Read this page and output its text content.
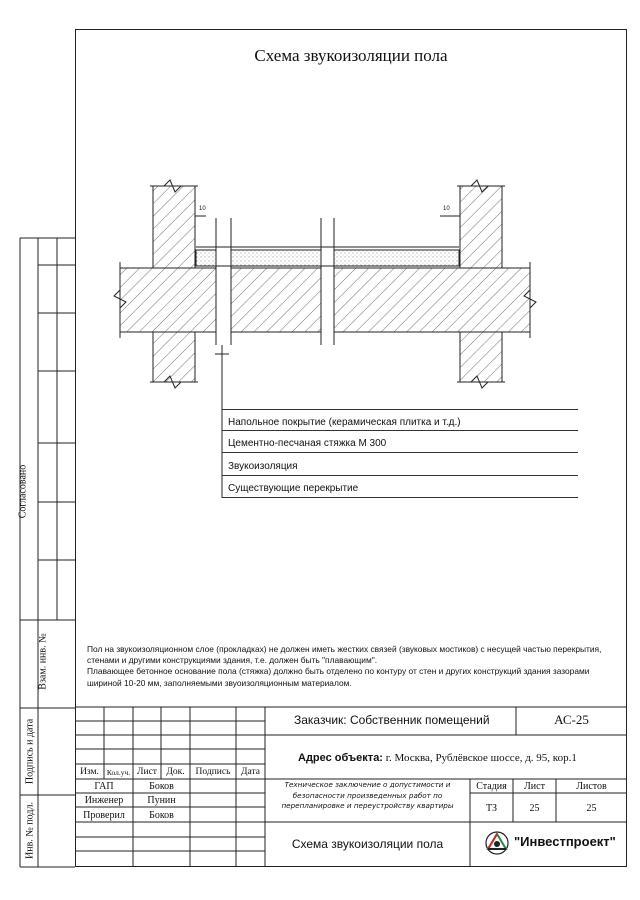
Согласовано
Взам. инв. №
Подпись и дата
Инв. № подл.
Схема звукоизоляции пола
10	10
Напольное покрытие (керамическая плитка и т.д.)
Цементно-песчаная стяжка М 300
Звукоизоляция
Существующие перекрытие
Пол на звукоизоляционном слое (прокладках) не должен иметь жестких связей (звуковых мостиков) с несущей частью перекрытия, стенами и другими конструкциями здания, т.е. должен быть "плавающим".
Плавающее бетонное основание пола (стяжка) должно быть отделено по контуру от стен и других конструкций здания зазорами шириной 10-20 мм, заполняемыми звуоизоляционным материалом.
Заказчик: Собственник помещений	АС-25
Адрес объекта: г. Москва, Рублёвское шоссе, д. 95, кор.1
Изм.	Кол.уч. Лист Док.	Подпись	Дата
ГАП	Боков
Инженер	Пунин
Проверил	Боков
Техническое заключение о допустимости и безопасности произведенных работ по перепланировке и переустройству квартиры
Стадия	Лист	Листов
ТЗ	25	25
Схема звукоизоляции пола	"Инвестпроект"
